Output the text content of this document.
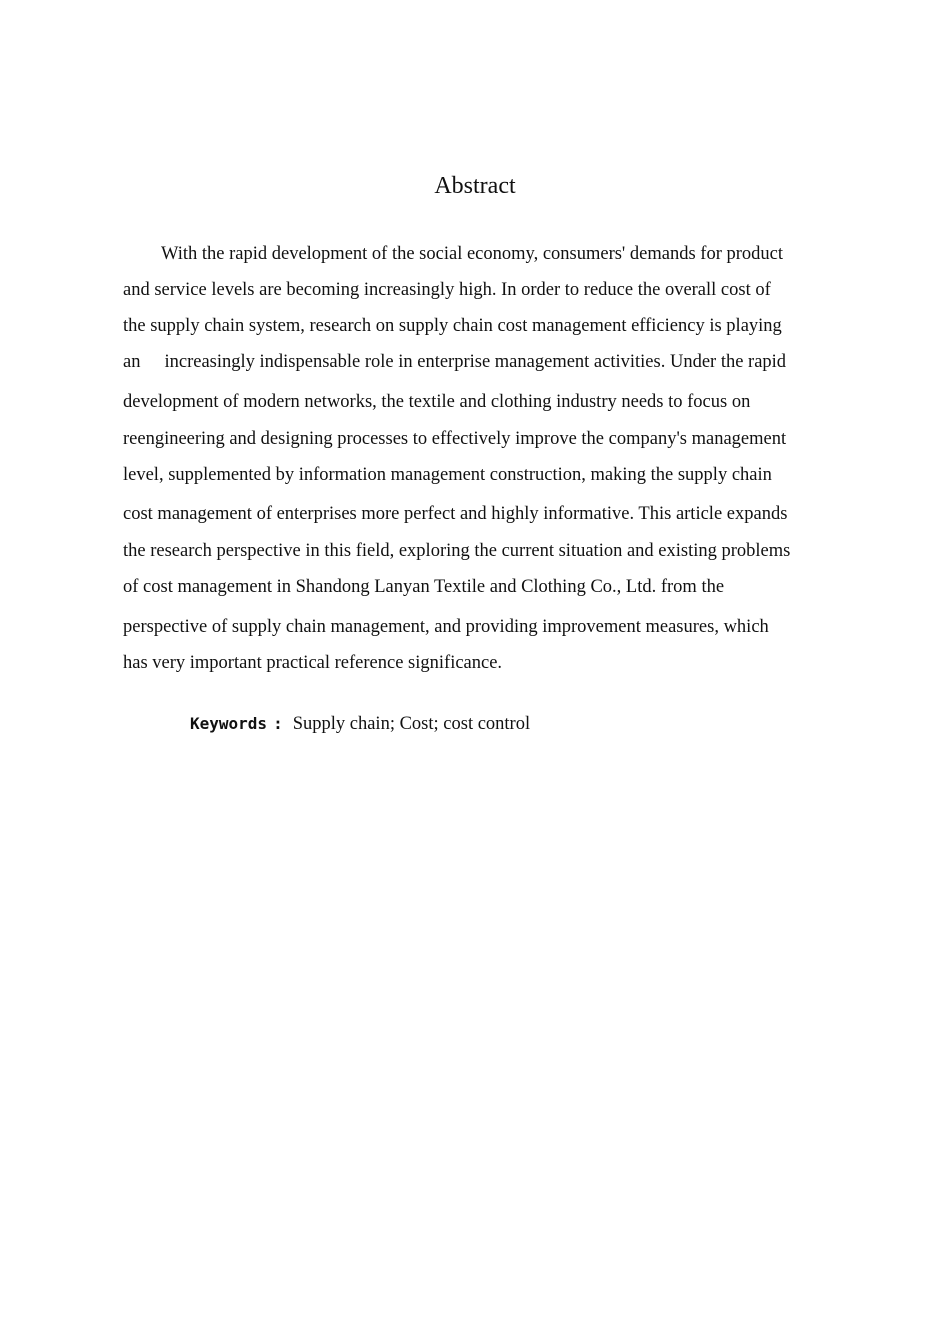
Abstract
With the rapid development of the social economy, consumers' demands for product
and service levels are becoming increasingly high. In order to reduce the overall cost of
the supply chain system, research on supply chain cost management efficiency is playing
an increasingly indispensable role in enterprise management activities. Under the rapid
development of modern networks, the textile and clothing industry needs to focus on
reengineering and designing processes to effectively improve the company's management
level, supplemented by information management construction, making the supply chain
cost management of enterprises more perfect and highly informative. This article expands
the research perspective in this field, exploring the current situation and existing problems
of cost management in Shandong Lanyan Textile and Clothing Co., Ltd. from the
perspective of supply chain management, and providing improvement measures, which
has very important practical reference significance.
Keywords : Supply chain; Cost; cost control
